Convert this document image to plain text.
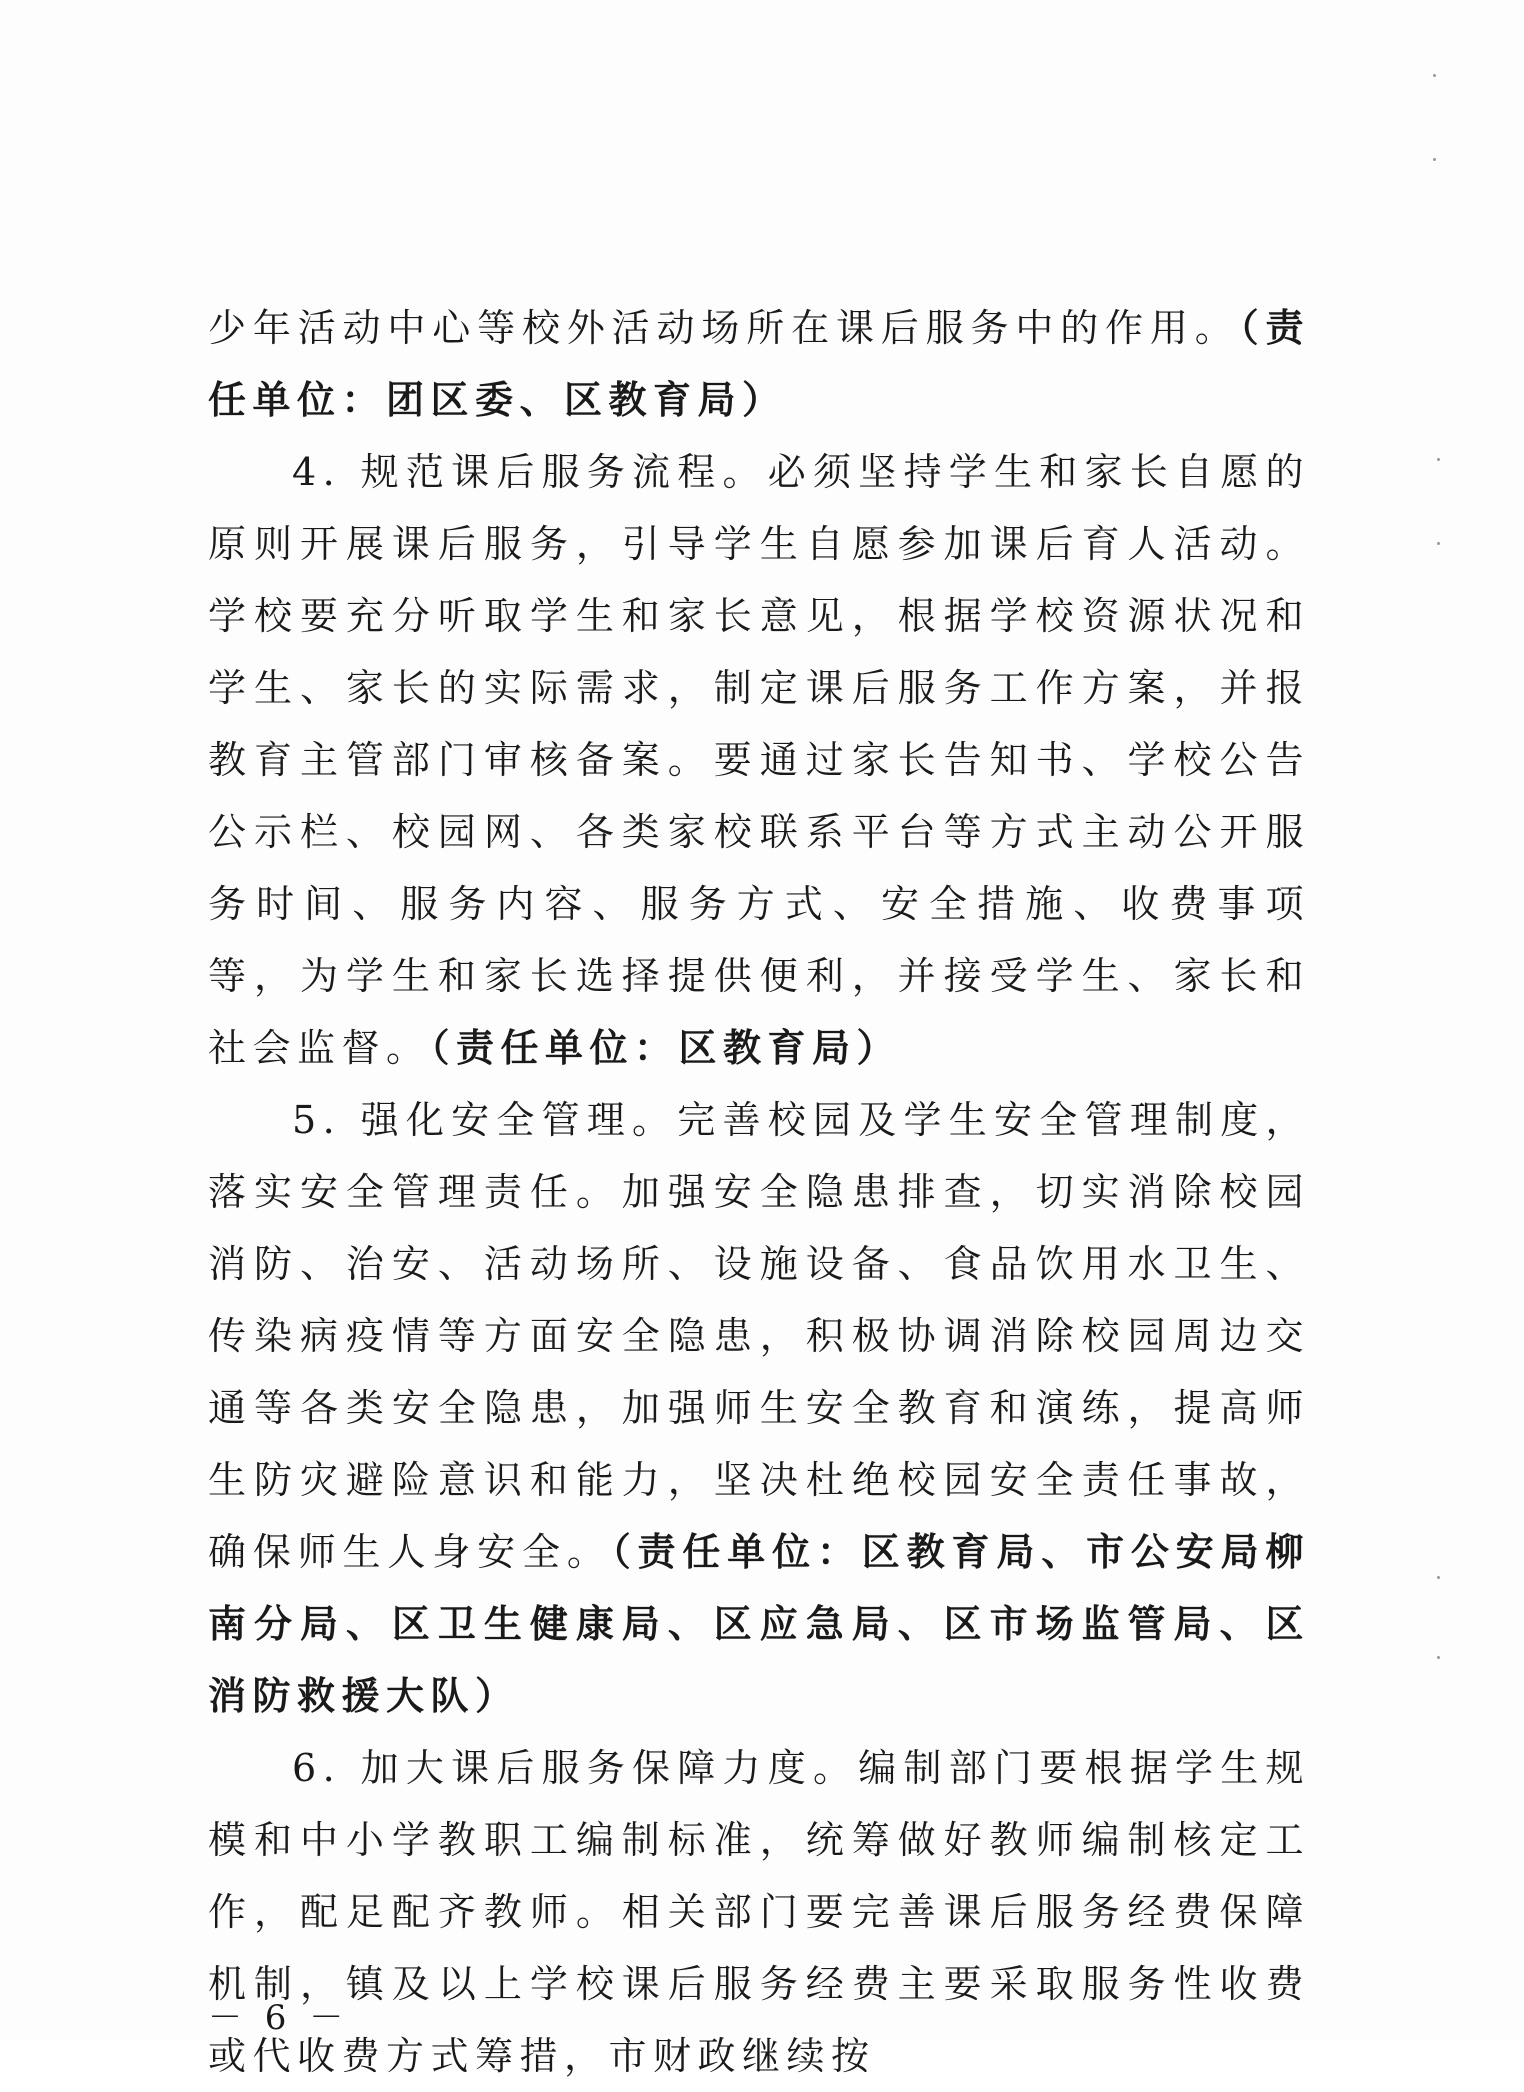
少年活动中心等校外活动场所在课后服务中的作用。（责任单位：团区委、区教育局）

4. 规范课后服务流程。必须坚持学生和家长自愿的原则开展课后服务，引导学生自愿参加课后育人活动。学校要充分听取学生和家长意见，根据学校资源状况和学生、家长的实际需求，制定课后服务工作方案，并报教育主管部门审核备案。要通过家长告知书、学校公告公示栏、校园网、各类家校联系平台等方式主动公开服务时间、服务内容、服务方式、安全措施、收费事项等，为学生和家长选择提供便利，并接受学生、家长和社会监督。（责任单位：区教育局）

5. 强化安全管理。完善校园及学生安全管理制度，落实安全管理责任。加强安全隐患排查，切实消除校园消防、治安、活动场所、设施设备、食品饮用水卫生、传染病疫情等方面安全隐患，积极协调消除校园周边交通等各类安全隐患，加强师生安全教育和演练，提高师生防灾避险意识和能力，坚决杜绝校园安全责任事故，确保师生人身安全。（责任单位：区教育局、市公安局柳南分局、区卫生健康局、区应急局、区市场监管局、区消防救援大队）

6. 加大课后服务保障力度。编制部门要根据学生规模和中小学教职工编制标准，统筹做好教师编制核定工作，配足配齐教师。相关部门要完善课后服务经费保障机制，镇及以上学校课后服务经费主要采取服务性收费或代收费方式筹措，市财政继续按

－ 6 －
